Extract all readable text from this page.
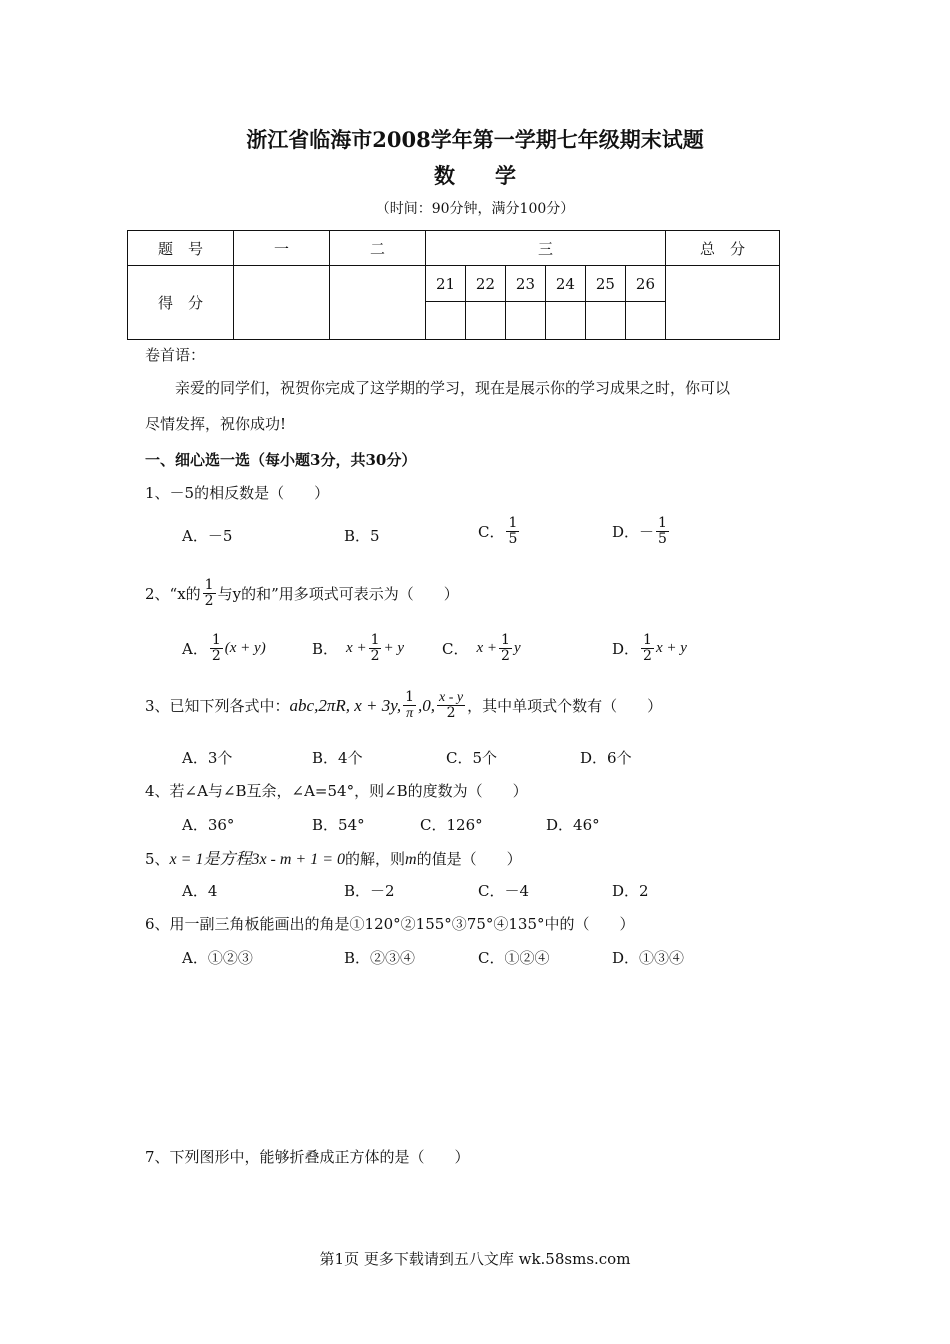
浙江省临海市2008学年第一学期七年级期末试题
数学
（时间：90分钟，满分100分）
题　号	一	二	三						总　分
得　分			21	22	23	24	25	26	

卷首语：
亲爱的同学们，祝贺你完成了这学期的学习，现在是展示你的学习成果之时，你可以
尽情发挥，祝你成功!
一、细心选一选（每小题3分，共30分）
1、－5的相反数是（　　）
A．－5	B．5	C． $\frac{1}{5}$	D．－ $\frac{1}{5}$
2、“x的 $\frac{1}{2}$ 与y的和”用多项式可表示为（　　）
A． $\frac{1}{2} (x + y)$	B． $x + \frac{1}{2} + y$	C． $x + \frac{1}{2}$ y	D． $\frac{1}{2}$ x + y
3、已知下列各式中： abc,2πR, x + 3y, $\frac{1}{\pi} ,0$, $\frac{x - y}{2}$ ，其中单项式个数有（　　）
A．3个	B．4个	C．5个	D．6个
4、若∠A与∠B互余，∠A=54°，则∠B的度数为（　　）
A．36°	B．54°	C．126°	D．46°
5、x = 1是方程3x - m + 1 = 0的解，则m的值是（　　）
A．4	B．－2	C．－4	D．2
6、用一副三角板能画出的角是①120°②155°③75°④135°中的（　　）
A．①②③	B．②③④	C．①②④	D．①③④
7、下列图形中，能够折叠成正方体的是（　　）
第1页 更多下载请到五八文库 wk.58sms.com
